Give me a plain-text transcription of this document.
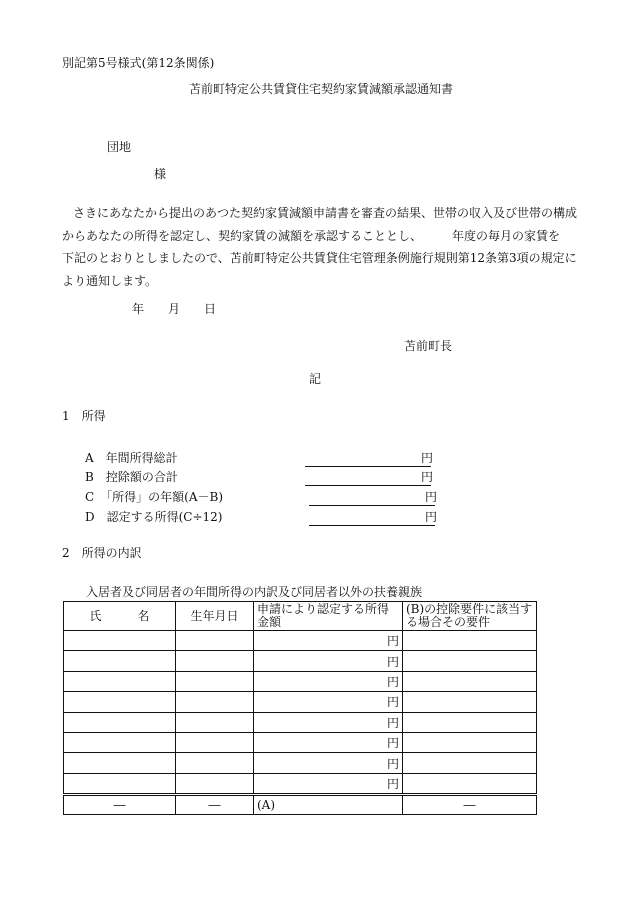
別記第5号様式(第12条関係)
苫前町特定公共賃貸住宅契約家賃減額承認通知書
団地
様
さきにあなたから提出のあつた契約家賃減額申請書を審査の結果、世帯の収入及び世帯の構成
からあなたの所得を認定し、契約家賃の減額を承認することとし、　　　年度の毎月の家賃を
下記のとおりとしましたので、苫前町特定公共賃貸住宅管理条例施行規則第12条第3項の規定に
より通知します。
年　　月　　日
苫前町長
記
1　所得
A　年間所得総計	円
B　控除額の合計	円
C　「所得」の年額(A－B)	円
D　認定する所得(C÷12)	円
2　所得の内訳
入居者及び同居者の年間所得の内訳及び同居者以外の扶養親族
氏　　　名	生年月日	申請により認定する所得金額	(B)の控除要件に該当する場合その要件
		円	
		円	
		円	
		円	
		円	
		円	
		円	
		円	
―	―	(A)	―
